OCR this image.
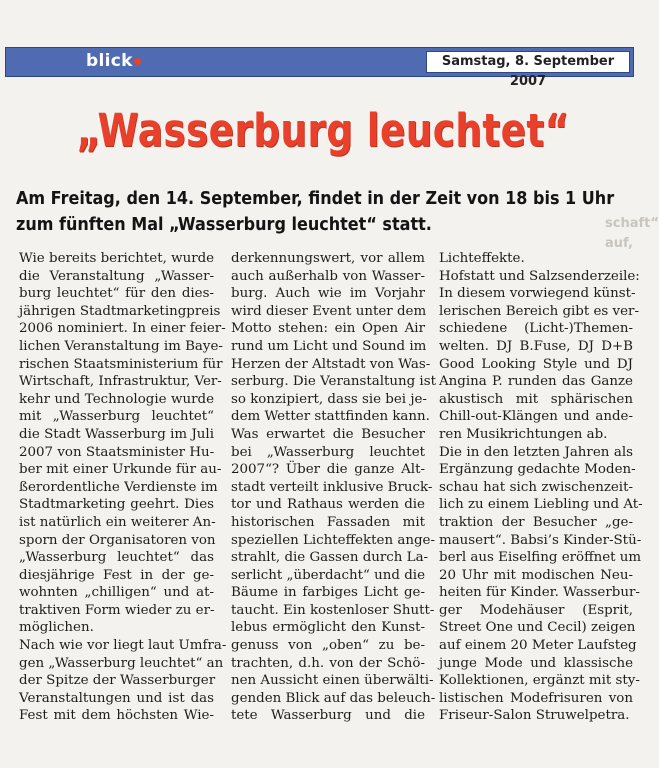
blick	Samstag, 8. September 2007
„Wasserburg leuchtet“
Am Freitag, den 14. September, findet in der Zeit von 18 bis 1 Uhr
zum fünften Mal „Wasserburg leuchtet“ statt.	schaft“ auf,
Wie bereits berichtet, wurde
die Veranstaltung „Wasser-
burg leuchtet“ für den dies-
jährigen Stadtmarketingpreis
2006 nominiert. In einer feier-
lichen Veranstaltung im Baye-
rischen Staatsministerium für
Wirtschaft, Infrastruktur, Ver-
kehr und Technologie wurde
mit „Wasserburg leuchtet“
die Stadt Wasserburg im Juli
2007 von Staatsminister Hu-
ber mit einer Urkunde für au-
ßerordentliche Verdienste im
Stadtmarketing geehrt. Dies
ist natürlich ein weiterer An-
sporn der Organisatoren von
„Wasserburg leuchtet“ das
diesjährige Fest in der ge-
wohnten „chilligen“ und at-
traktiven Form wieder zu er-
möglichen.
Nach wie vor liegt laut Umfra-
gen „Wasserburg leuchtet“ an
der Spitze der Wasserburger
Veranstaltungen und ist das
Fest mit dem höchsten Wie-
derkennungswert, vor allem
auch außerhalb von Wasser-
burg. Auch wie im Vorjahr
wird dieser Event unter dem
Motto stehen: ein Open Air
rund um Licht und Sound im
Herzen der Altstadt von Was-
serburg. Die Veranstaltung ist
so konzipiert, dass sie bei je-
dem Wetter stattfinden kann.
Was erwartet die Besucher
bei „Wasserburg leuchtet
2007“? Über die ganze Alt-
stadt verteilt inklusive Bruck-
tor und Rathaus werden die
historischen Fassaden mit
speziellen Lichteffekten ange-
strahlt, die Gassen durch La-
serlicht „überdacht“ und die
Bäume in farbiges Licht ge-
taucht. Ein kostenloser Shutt-
lebus ermöglicht den Kunst-
genuss von „oben“ zu be-
trachten, d.h. von der Schö-
nen Aussicht einen überwälti-
genden Blick auf das beleuch-
tete Wasserburg und die
Lichteffekte.
Hofstatt und Salzsenderzeile:
In diesem vorwiegend künst-
lerischen Bereich gibt es ver-
schiedene (Licht-)Themen-
welten. DJ B.Fuse, DJ D+B
Good Looking Style und DJ
Angina P. runden das Ganze
akustisch mit sphärischen
Chill-out-Klängen und ande-
ren Musikrichtungen ab.
Die in den letzten Jahren als
Ergänzung gedachte Moden-
schau hat sich zwischenzeit-
lich zu einem Liebling und At-
traktion der Besucher „ge-
mausert“. Babsi’s Kinder-Stü-
berl aus Eiselfing eröffnet um
20 Uhr mit modischen Neu-
heiten für Kinder. Wasserbur-
ger Modehäuser (Esprit,
Street One und Cecil) zeigen
auf einem 20 Meter Laufsteg
junge Mode und klassische
Kollektionen, ergänzt mit sty-
listischen Modefrisuren von
Friseur-Salon Struwelpetra.
